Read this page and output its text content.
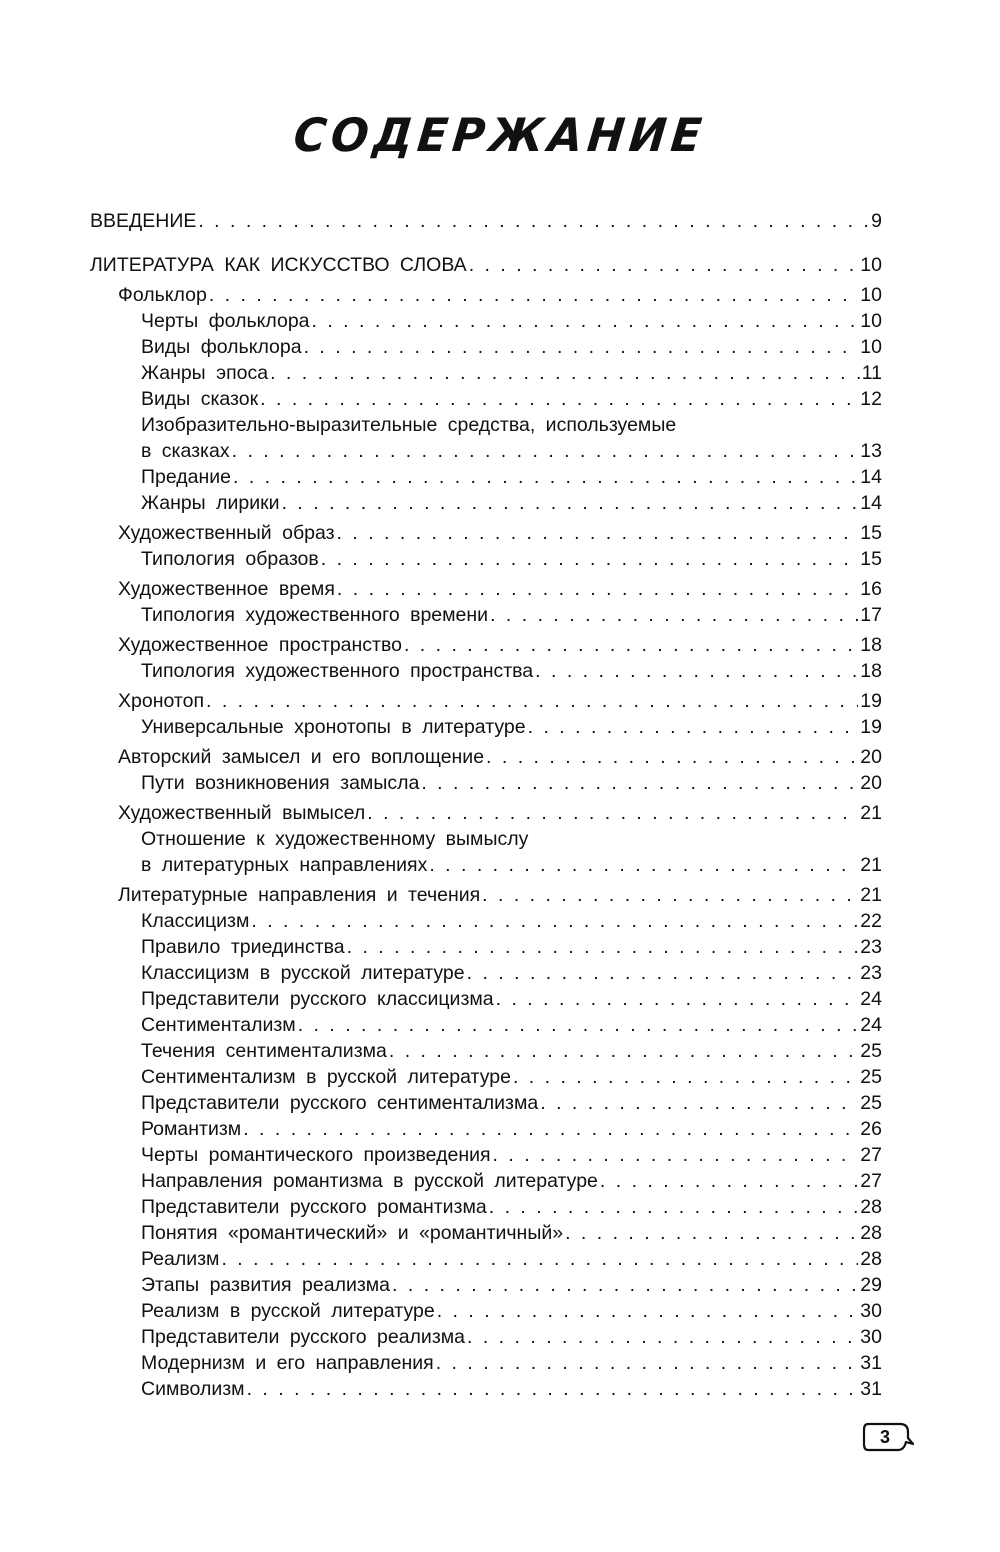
СОДЕРЖАНИЕ
ВВЕДЕНИЕ . . .	9
ЛИТЕРАТУРА КАК ИСКУССТВО СЛОВА . . .	10
Фольклор . . .	10
Черты фольклора . . .	10
Виды фольклора . . .	10
Жанры эпоса . . .	11
Виды сказок . . .	12
Изобразительно-выразительные средства, используемые
в сказках . . .	13
Предание . . .	14
Жанры лирики . . .	14
Художественный образ . . .	15
Типология образов . . .	15
Художественное время . . .	16
Типология художественного времени . . .	17
Художественное пространство . . .	18
Типология художественного пространства . . .	18
Хронотоп . . .	19
Универсальные хронотопы в литературе . . .	19
Авторский замысел и его воплощение . . .	20
Пути возникновения замысла . . .	20
Художественный вымысел . . .	21
Отношение к художественному вымыслу
в литературных направлениях . . .	21
Литературные направления и течения . . .	21
Классицизм . . .	22
Правило триединства . . .	23
Классицизм в русской литературе . . .	23
Представители русского классицизма . . .	24
Сентиментализм . . .	24
Течения сентиментализма . . .	25
Сентиментализм в русской литературе . . .	25
Представители русского сентиментализма . . .	25
Романтизм . . .	26
Черты романтического произведения . . .	27
Направления романтизма в русской литературе . . .	27
Представители русского романтизма . . .	28
Понятия «романтический» и «романтичный» . . .	28
Реализм . . .	28
Этапы развития реализма . . .	29
Реализм в русской литературе . . .	30
Представители русского реализма . . .	30
Модернизм и его направления . . .	31
Символизм . . .	31
3
